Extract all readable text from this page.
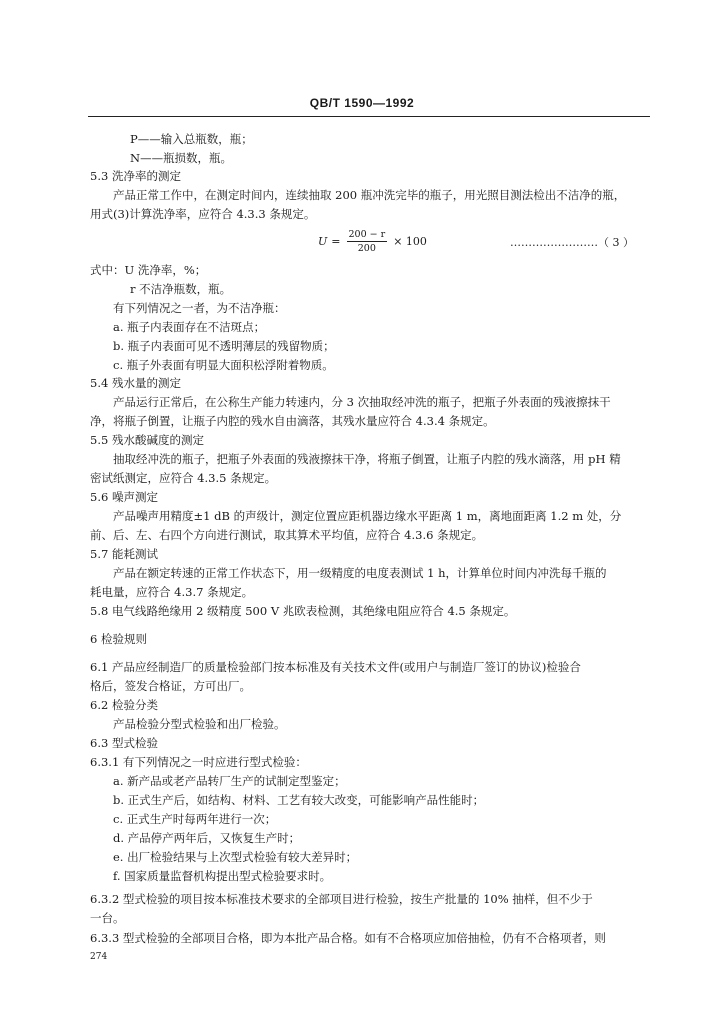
QB/T 1590—1992
P——输入总瓶数，瓶；
N——瓶损数，瓶。
5.3 洗净率的测定
产品正常工作中，在测定时间内，连续抽取 200 瓶冲洗完毕的瓶子，用光照目测法检出不洁净的瓶，
用式(3)计算洗净率，应符合 4.3.3 条规定。
式中：U 洗净率，%；
r 不洁净瓶数，瓶。
有下列情况之一者，为不洁净瓶：
a. 瓶子内表面存在不洁斑点；
b. 瓶子内表面可见不透明薄层的残留物质；
c. 瓶子外表面有明显大面积松浮附着物质。
5.4 残水量的测定
产品运行正常后，在公称生产能力转速内，分 3 次抽取经冲洗的瓶子，把瓶子外表面的残液擦抹干
净，将瓶子倒置，让瓶子内腔的残水自由滴落，其残水量应符合 4.3.4 条规定。
5.5 残水酸碱度的测定
抽取经冲洗的瓶子，把瓶子外表面的残液擦抹干净，将瓶子倒置，让瓶子内腔的残水滴落，用 pH 精
密试纸测定，应符合 4.3.5 条规定。
5.6 噪声测定
产品噪声用精度±1 dB 的声级计，测定位置应距机器边缘水平距离 1 m，离地面距离 1.2 m 处，分
前、后、左、右四个方向进行测试，取其算术平均值，应符合 4.3.6 条规定。
5.7 能耗测试
产品在额定转速的正常工作状态下，用一级精度的电度表测试 1 h，计算单位时间内冲洗每千瓶的
耗电量，应符合 4.3.7 条规定。
5.8 电气线路绝缘用 2 级精度 500 V 兆欧表检测，其绝缘电阻应符合 4.5 条规定。
6 检验规则
6.1 产品应经制造厂的质量检验部门按本标准及有关技术文件(或用户与制造厂签订的协议)检验合
格后，签发合格证，方可出厂。
6.2 检验分类
产品检验分型式检验和出厂检验。
6.3 型式检验
6.3.1 有下列情况之一时应进行型式检验：
a. 新产品或老产品转厂生产的试制定型鉴定；
b. 正式生产后，如结构、材料、工艺有较大改变，可能影响产品性能时；
c. 正式生产时每两年进行一次；
d. 产品停产两年后，又恢复生产时；
e. 出厂检验结果与上次型式检验有较大差异时；
f. 国家质量监督机构提出型式检验要求时。
6.3.2 型式检验的项目按本标准技术要求的全部项目进行检验，按生产批量的 10% 抽样，但不少于
一台。
6.3.3 型式检验的全部项目合格，即为本批产品合格。如有不合格项应加倍抽检，仍有不合格项者，则
$U = \frac{200 - r}{200} \times 100$	……………………（ 3 ）
274
